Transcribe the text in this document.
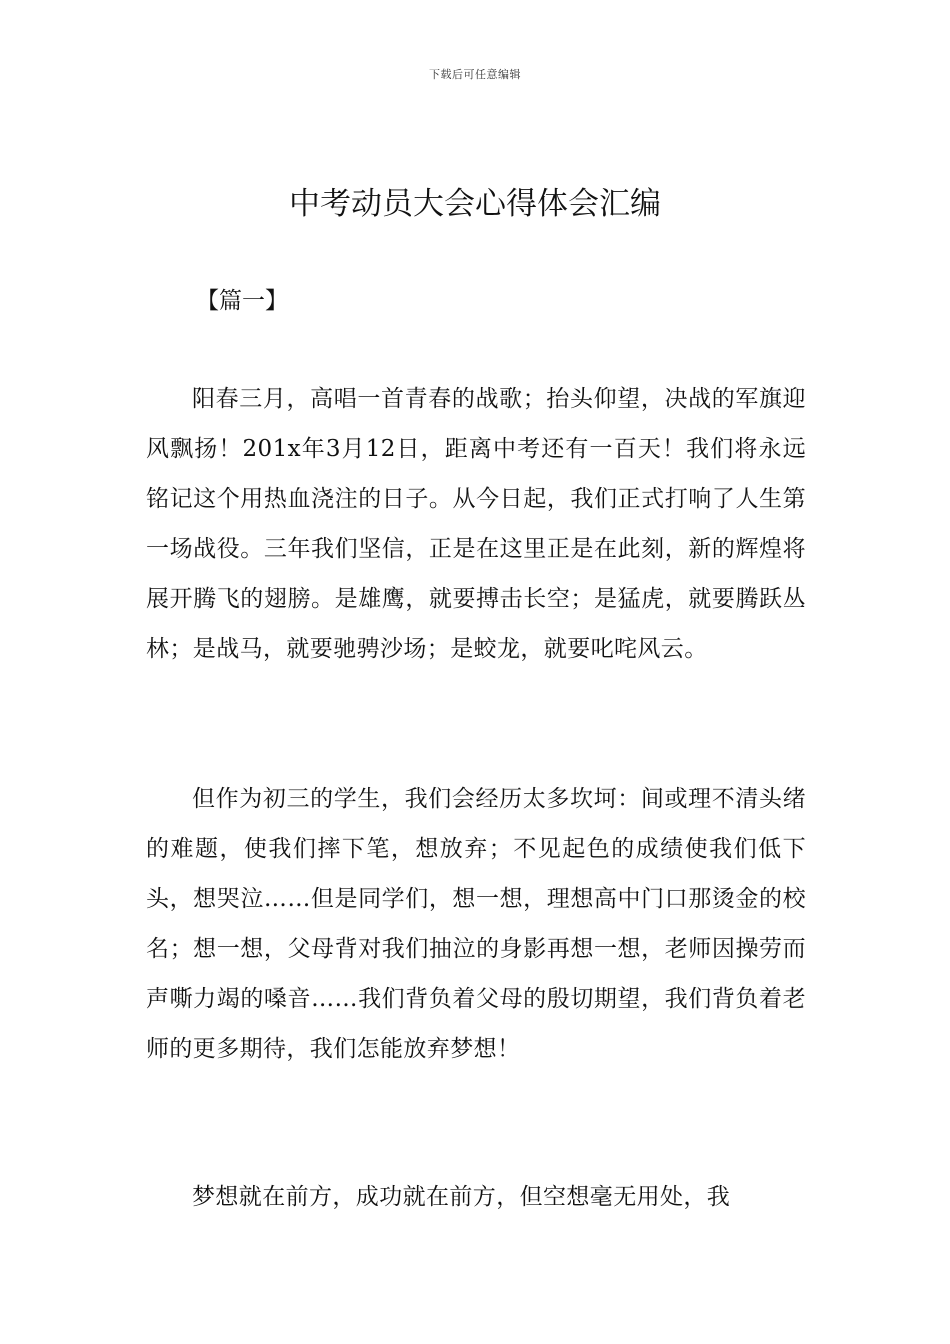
下载后可任意编辑
中考动员大会心得体会汇编
【篇一】

阳春三月，高唱一首青春的战歌；抬头仰望，决战的军旗迎风飘扬！201x年3月12日，距离中考还有一百天！我们将永远铭记这个用热血浇注的日子。从今日起，我们正式打响了人生第一场战役。三年我们坚信，正是在这里正是在此刻，新的辉煌将展开腾飞的翅膀。是雄鹰，就要搏击长空；是猛虎，就要腾跃丛林；是战马，就要驰骋沙场；是蛟龙，就要叱咤风云。

但作为初三的学生，我们会经历太多坎坷：间或理不清头绪的难题，使我们摔下笔，想放弃；不见起色的成绩使我们低下头，想哭泣……但是同学们，想一想，理想高中门口那烫金的校名；想一想，父母背对我们抽泣的身影再想一想，老师因操劳而声嘶力竭的嗓音……我们背负着父母的殷切期望，我们背负着老师的更多期待，我们怎能放弃梦想！

梦想就在前方，成功就在前方，但空想毫无用处，我
